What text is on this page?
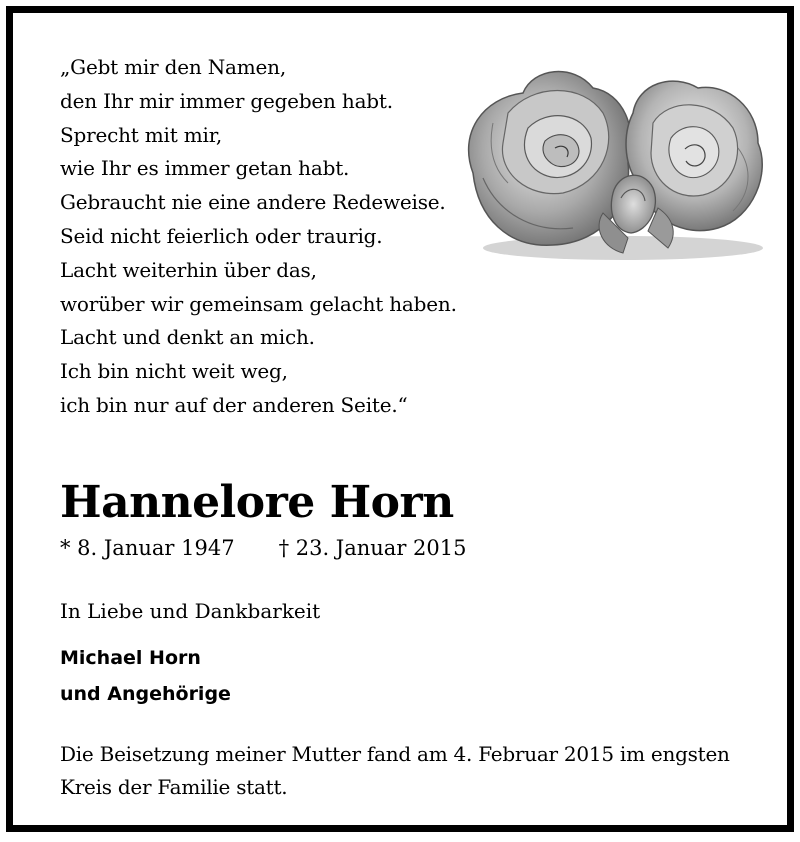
„Gebt mir den Namen,
den Ihr mir immer gegeben habt.
Sprecht mit mir,
wie Ihr es immer getan habt.
Gebraucht nie eine andere Redeweise.
Seid nicht feierlich oder traurig.
Lacht weiterhin über das,
worüber wir gemeinsam gelacht haben.
Lacht und denkt an mich.
Ich bin nicht weit weg,
ich bin nur auf der anderen Seite.“
Hannelore Horn
* 8. Januar 1947 † 23. Januar 2015
In Liebe und Dankbarkeit
Michael Horn
und Angehörige
Die Beisetzung meiner Mutter fand am 4. Februar 2015 im engsten Kreis der Familie statt.
